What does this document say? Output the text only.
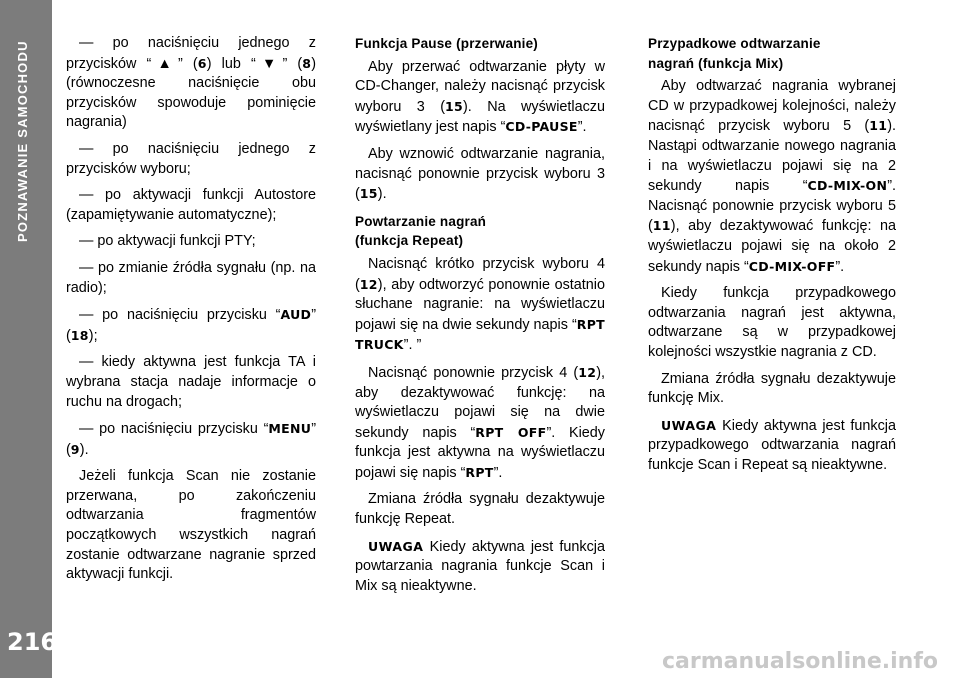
POZNAWANIE SAMOCHODU
216

— po naciśnięciu jednego z przycisków “▲” (6) lub “▼” (8) (równoczesne naciśnięcie obu przycisków spowoduje pominięcie nagrania)

— po naciśnięciu jednego z przycisków wyboru;

— po aktywacji funkcji Autostore (zapamiętywanie automatyczne);

— po aktywacji funkcji PTY;

— po zmianie źródła sygnału (np. na radio);

— po naciśnięciu przycisku “AUD” (18);

— kiedy aktywna jest funkcja TA i wybrana stacja nadaje informacje o ruchu na drogach;

— po naciśnięciu przycisku “MENU” (9).

Jeżeli funkcja Scan nie zostanie przerwana, po zakończeniu odtwarzania fragmentów początkowych wszystkich nagrań zostanie odtwarzane nagranie sprzed aktywacji funkcji.

Funkcja Pause (przerwanie)

Aby przerwać odtwarzanie płyty w CD-Changer, należy nacisnąć przycisk wyboru 3 (15). Na wyświetlaczu wyświetlany jest napis “CD-PAUSE”.

Aby wznowić odtwarzanie nagrania, nacisnąć ponownie przycisk wyboru 3 (15).

Powtarzanie nagrań

(funkcja Repeat)

Nacisnąć krótko przycisk wyboru 4 (12), aby odtworzyć ponownie ostatnio słuchane nagranie: na wyświetlaczu pojawi się na dwie sekundy napis “RPT TRUCK”. ”

Nacisnąć ponownie przycisk 4 (12), aby dezaktywować funkcję: na wyświetlaczu pojawi się na dwie sekundy napis “RPT OFF”. Kiedy funkcja jest aktywna na wyświetlaczu pojawi się napis “RPT”.

Zmiana źródła sygnału dezaktywuje funkcję Repeat.

UWAGA Kiedy aktywna jest funkcja powtarzania nagrania funkcje Scan i Mix są nieaktywne.

Przypadkowe odtwarzanie

nagrań (funkcja Mix)

Aby odtwarzać nagrania wybranej CD w przypadkowej kolejności, należy nacisnąć przycisk wyboru 5 (11). Nastąpi odtwarzanie nowego nagrania i na wyświetlaczu pojawi się na 2 sekundy napis “CD-MIX-ON”. Nacisnąć ponownie przycisk wyboru 5 (11), aby dezaktywować funkcję: na wyświetlaczu pojawi się na około 2 sekundy napis “CD-MIX-OFF”.

Kiedy funkcja przypadkowego odtwarzania nagrań jest aktywna, odtwarzane są w przypadkowej kolejności wszystkie nagrania z CD.

Zmiana źródła sygnału dezaktywuje funkcję Mix.

UWAGA Kiedy aktywna jest funkcja przypadkowego odtwarzania nagrań funkcje Scan i Repeat są nieaktywne.

carmanualsonline.info
